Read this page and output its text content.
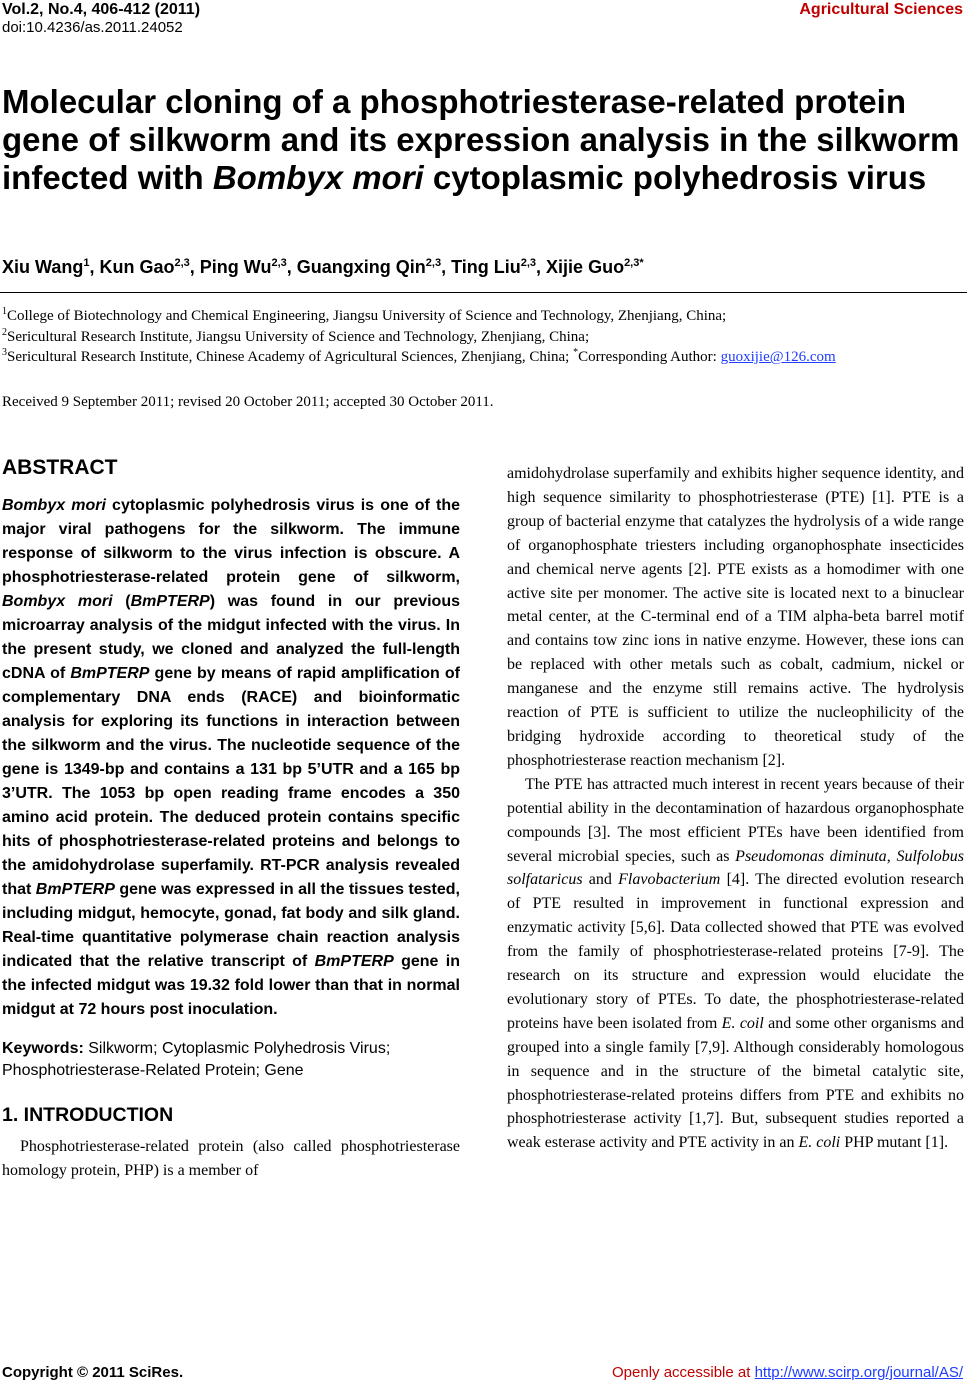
Vol.2, No.4, 406-412 (2011)
doi:10.4236/as.2011.24052
Agricultural Sciences
Molecular cloning of a phosphotriesterase-related protein gene of silkworm and its expression analysis in the silkworm infected with Bombyx mori cytoplasmic polyhedrosis virus
Xiu Wang$^1$, Kun Gao$^{2,3}$, Ping Wu$^{2,3}$, Guangxing Qin$^{2,3}$, Ting Liu$^{2,3}$, Xijie Guo$^{2,3*}$
$^1$College of Biotechnology and Chemical Engineering, Jiangsu University of Science and Technology, Zhenjiang, China;
$^2$Sericultural Research Institute, Jiangsu University of Science and Technology, Zhenjiang, China;
$^3$Sericultural Research Institute, Chinese Academy of Agricultural Sciences, Zhenjiang, China; *Corresponding Author: guoxijie@126.com
Received 9 September 2011; revised 20 October 2011; accepted 30 October 2011.
ABSTRACT
Bombyx mori cytoplasmic polyhedrosis virus is one of the major viral pathogens for the silkworm. The immune response of silkworm to the virus infection is obscure. A phosphotriesterase-related protein gene of silkworm, Bombyx mori (BmPTERP) was found in our previous microarray analysis of the midgut infected with the virus. In the present study, we cloned and analyzed the full-length cDNA of BmPTERP gene by means of rapid amplification of complementary DNA ends (RACE) and bioinformatic analysis for exploring its functions in interaction between the silkworm and the virus. The nucleotide sequence of the gene is 1349-bp and contains a 131 bp 5’UTR and a 165 bp 3’UTR. The 1053 bp open reading frame encodes a 350 amino acid protein. The deduced protein contains specific hits of phosphotriesterase-related proteins and belongs to the amidohydrolase superfamily. RT-PCR analysis revealed that BmPTERP gene was expressed in all the tissues tested, including midgut, hemocyte, gonad, fat body and silk gland. Real-time quantitative polymerase chain reaction analysis indicated that the relative transcript of BmPTERP gene in the infected midgut was 19.32 fold lower than that in normal midgut at 72 hours post inoculation.
Keywords: Silkworm; Cytoplasmic Polyhedrosis Virus; Phosphotriesterase-Related Protein; Gene
1. INTRODUCTION

Phosphotriesterase-related protein (also called phosphotriesterase homology protein, PHP) is a member of

amidohydrolase superfamily and exhibits higher sequence identity, and high sequence similarity to phosphotriesterase (PTE) [1]. PTE is a group of bacterial enzyme that catalyzes the hydrolysis of a wide range of organophosphate triesters including organophosphate insecticides and chemical nerve agents [2]. PTE exists as a homodimer with one active site per monomer. The active site is located next to a binuclear metal center, at the C-terminal end of a TIM alpha-beta barrel motif and contains tow zinc ions in native enzyme. However, these ions can be replaced with other metals such as cobalt, cadmium, nickel or manganese and the enzyme still remains active. The hydrolysis reaction of PTE is sufficient to utilize the nucleophilicity of the bridging hydroxide according to theoretical study of the phosphotriesterase reaction mechanism [2].

The PTE has attracted much interest in recent years because of their potential ability in the decontamination of hazardous organophosphate compounds [3]. The most efficient PTEs have been identified from several microbial species, such as Pseudomonas diminuta, Sulfolobus solfataricus and Flavobacterium [4]. The directed evolution research of PTE resulted in improvement in functional expression and enzymatic activity [5,6]. Data collected showed that PTE was evolved from the family of phosphotriesterase-related proteins [7-9]. The research on its structure and expression would elucidate the evolutionary story of PTEs. To date, the phosphotriesterase-related proteins have been isolated from E. coil and some other organisms and grouped into a single family [7,9]. Although considerably homologous in sequence and in the structure of the bimetal catalytic site, phosphotriesterase-related proteins differs from PTE and exhibits no phosphotriesterase activity [1,7]. But, subsequent studies reported a weak esterase activity and PTE activity in an E. coli PHP mutant [1].

Copyright © 2011 SciRes.	Openly accessible at http://www.scirp.org/journal/AS/
